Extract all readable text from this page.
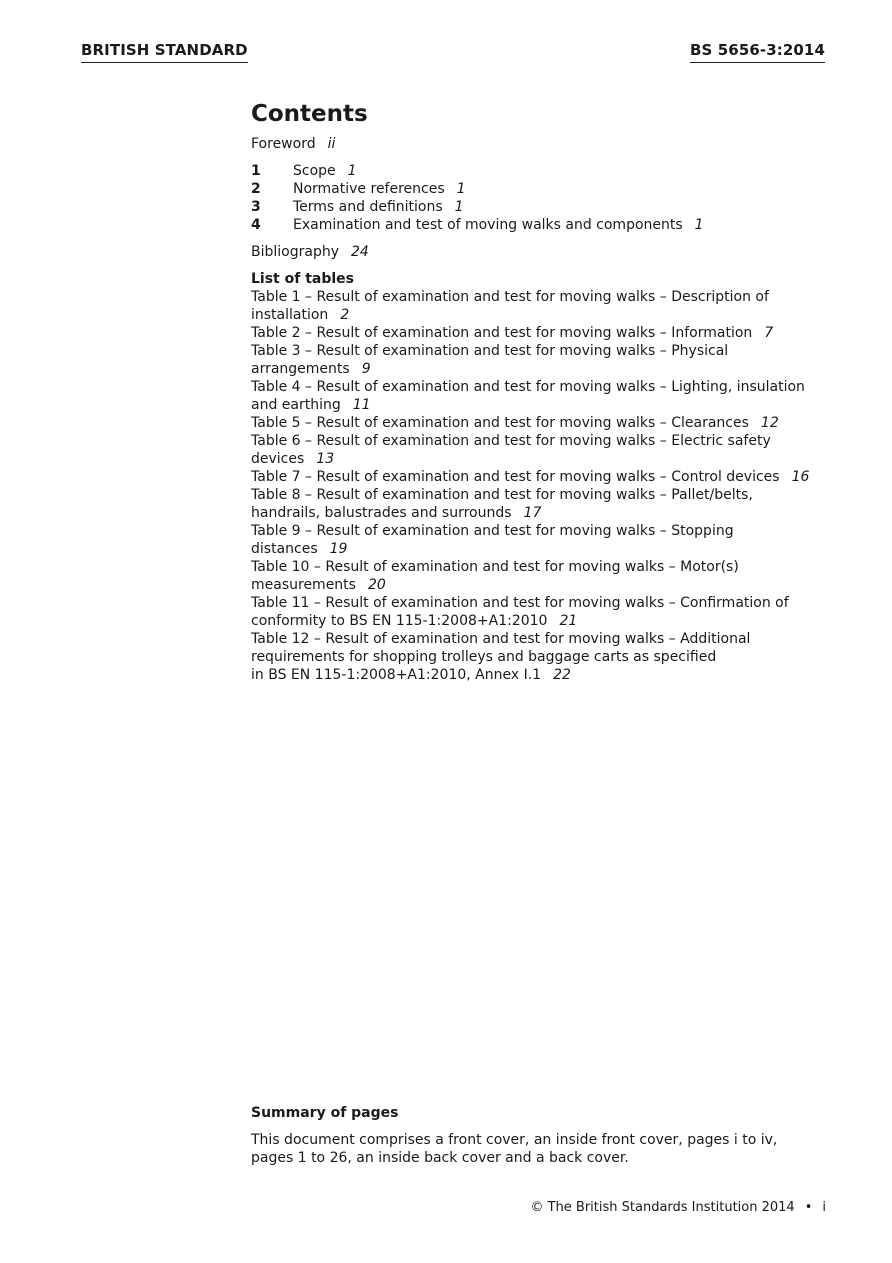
BRITISH STANDARD	BS 5656-3:2014
Contents
Foreword ii
1	Scope 1
2	Normative references 1
3	Terms and definitions 1
4	Examination and test of moving walks and components 1
Bibliography 24
List of tables
Table 1 – Result of examination and test for moving walks – Description of
installation 2
Table 2 – Result of examination and test for moving walks – Information 7
Table 3 – Result of examination and test for moving walks – Physical
arrangements 9
Table 4 – Result of examination and test for moving walks – Lighting, insulation
and earthing 11
Table 5 – Result of examination and test for moving walks – Clearances 12
Table 6 – Result of examination and test for moving walks – Electric safety
devices 13
Table 7 – Result of examination and test for moving walks – Control devices 16
Table 8 – Result of examination and test for moving walks – Pallet/belts,
handrails, balustrades and surrounds 17
Table 9 – Result of examination and test for moving walks – Stopping
distances 19
Table 10 – Result of examination and test for moving walks – Motor(s)
measurements 20
Table 11 – Result of examination and test for moving walks – Confirmation of
conformity to BS EN 115-1:2008+A1:2010 21
Table 12 – Result of examination and test for moving walks – Additional
requirements for shopping trolleys and baggage carts as specified
in BS EN 115-1:2008+A1:2010, Annex I.1 22
Summary of pages
This document comprises a front cover, an inside front cover, pages i to iv,
pages 1 to 26, an inside back cover and a back cover.
© The British Standards Institution 2014 • i
